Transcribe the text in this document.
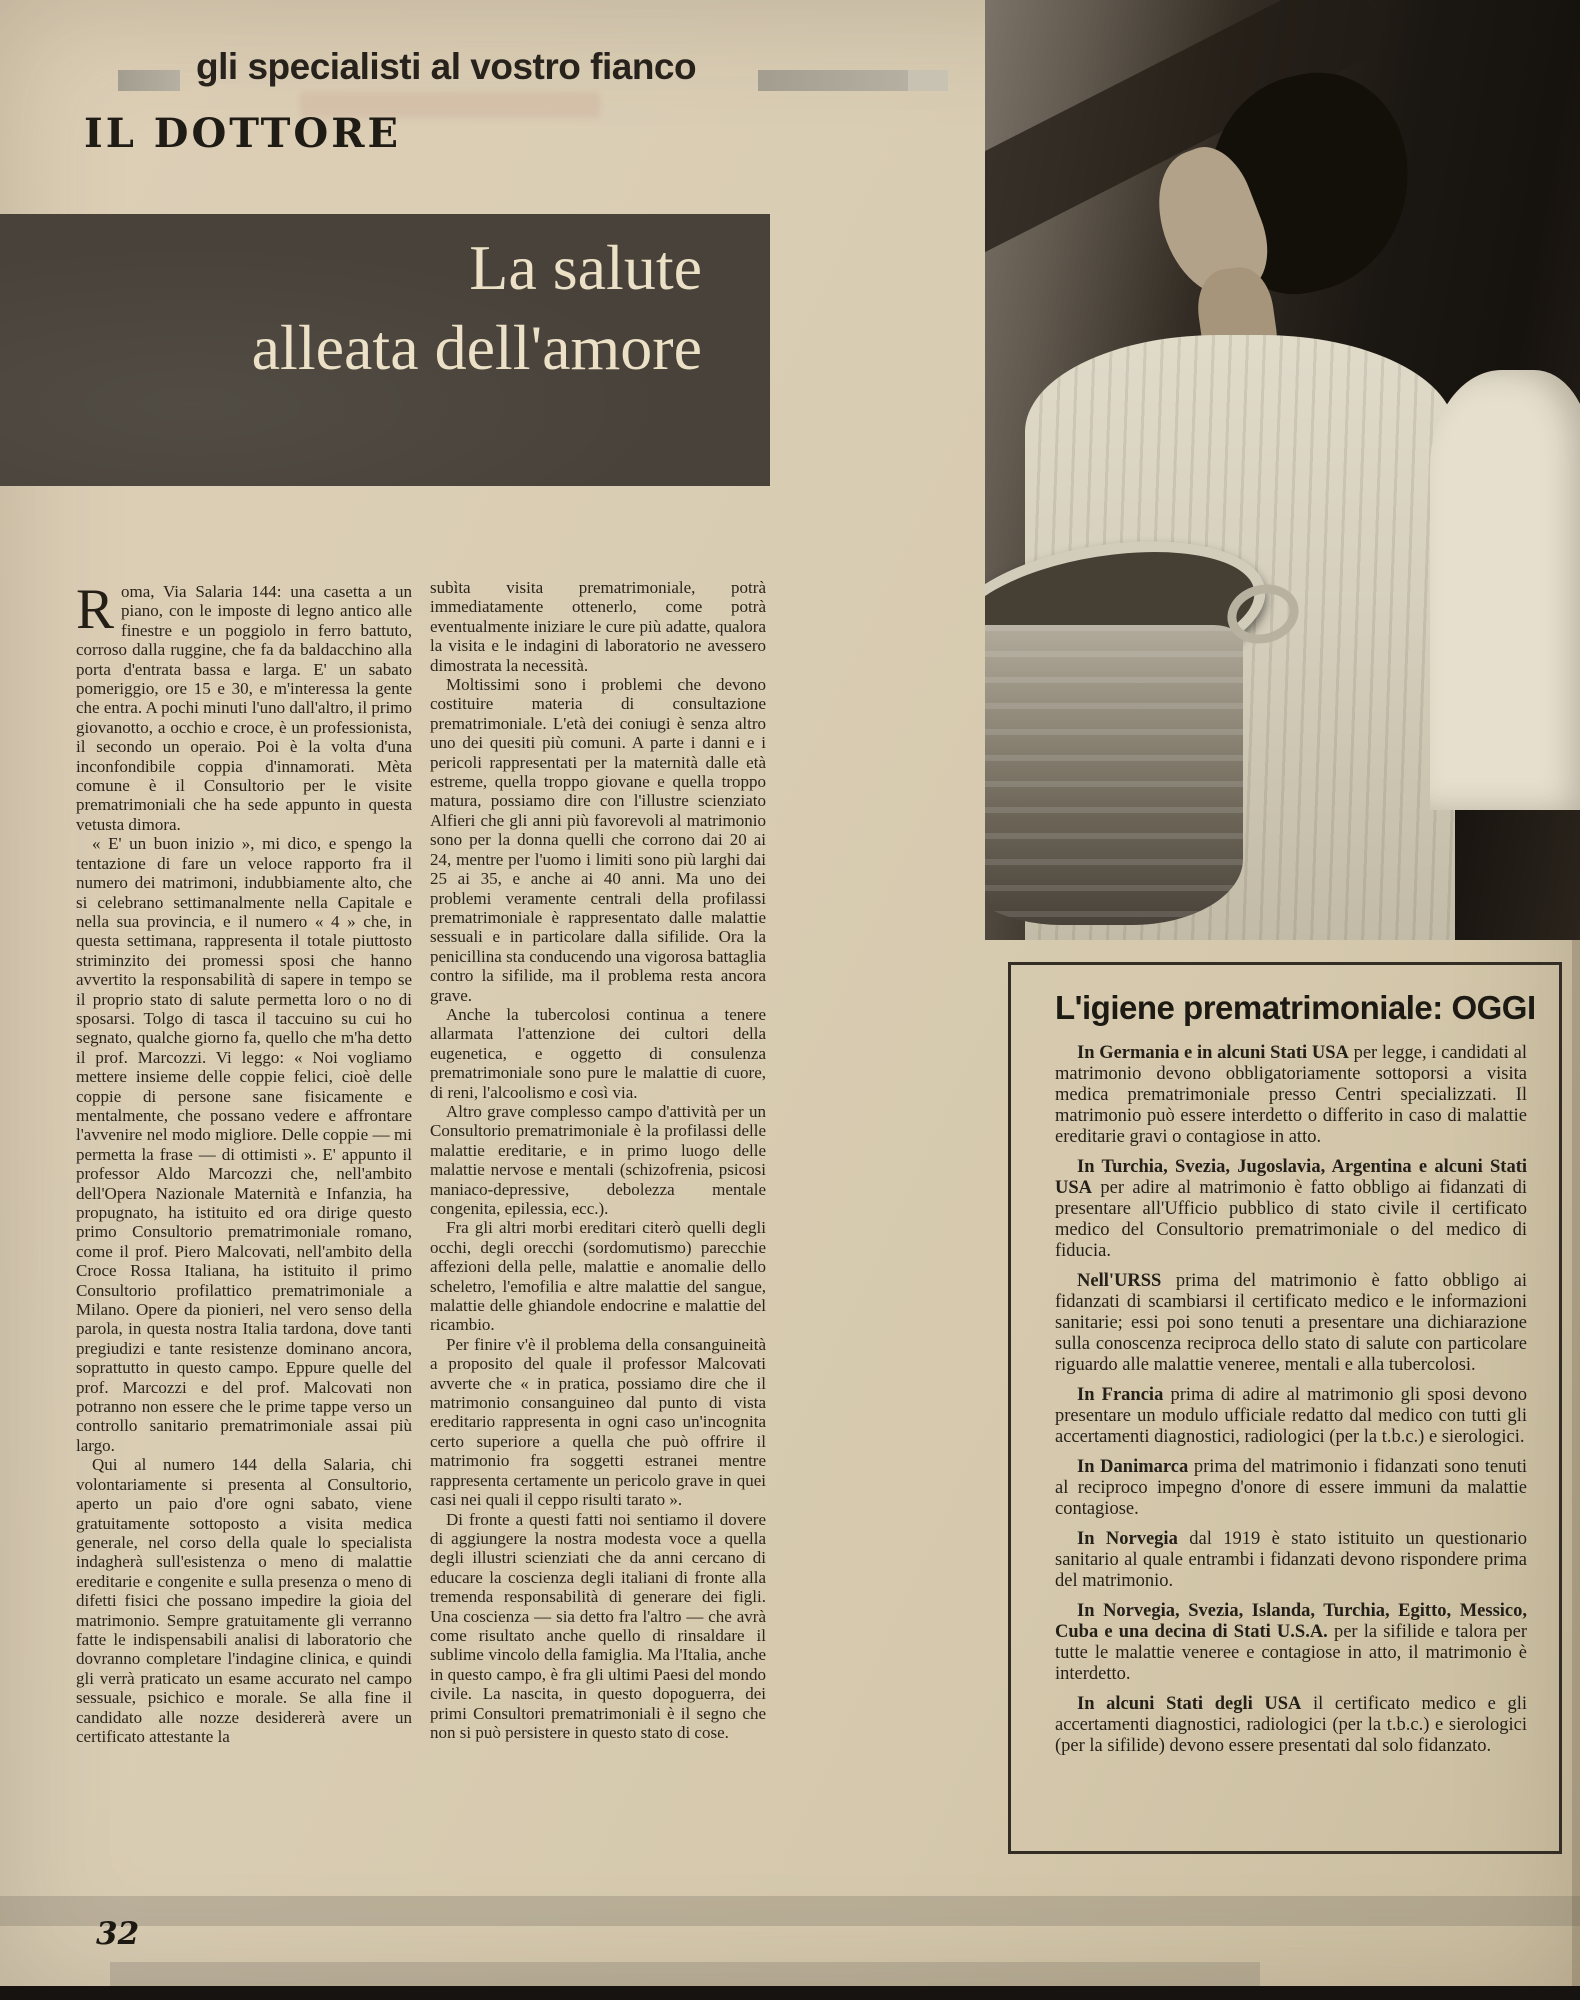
gli specialisti al vostro fianco
IL DOTTORE
La salute
alleata dell'amore

Roma, Via Salaria 144: una casetta a un piano, con le imposte di legno antico alle finestre e un poggiolo in ferro battuto, corroso dalla ruggine, che fa da baldacchino alla porta d'entrata bassa e larga. E' un sabato pomeriggio, ore 15 e 30, e m'interessa la gente che entra. A pochi minuti l'uno dall'altro, il primo giovanotto, a occhio e croce, è un professionista, il secondo un operaio. Poi è la volta d'una inconfondibile coppia d'innamorati. Mèta comune è il Consultorio per le visite prematrimoniali che ha sede appunto in questa vetusta dimora.

« E' un buon inizio », mi dico, e spengo la tentazione di fare un veloce rapporto fra il numero dei matrimoni, indubbiamente alto, che si celebrano settimanalmente nella Capitale e nella sua provincia, e il numero « 4 » che, in questa settimana, rappresenta il totale piuttosto striminzito dei promessi sposi che hanno avvertito la responsabilità di sapere in tempo se il proprio stato di salute permetta loro o no di sposarsi. Tolgo di tasca il taccuino su cui ho segnato, qualche giorno fa, quello che m'ha detto il prof. Marcozzi. Vi leggo: « Noi vogliamo mettere insieme delle coppie felici, cioè delle coppie di persone sane fisicamente e mentalmente, che possano vedere e affrontare l'avvenire nel modo migliore. Delle coppie — mi permetta la frase — di ottimisti ». E' appunto il professor Aldo Marcozzi che, nell'ambito dell'Opera Nazionale Maternità e Infanzia, ha propugnato, ha istituito ed ora dirige questo primo Consultorio prematrimoniale romano, come il prof. Piero Malcovati, nell'ambito della Croce Rossa Italiana, ha istituito il primo Consultorio profilattico prematrimoniale a Milano. Opere da pionieri, nel vero senso della parola, in questa nostra Italia tardona, dove tanti pregiudizi e tante resistenze dominano ancora, soprattutto in questo campo. Eppure quelle del prof. Marcozzi e del prof. Malcovati non potranno non essere che le prime tappe verso un controllo sanitario prematrimoniale assai più largo.

Qui al numero 144 della Salaria, chi volontariamente si presenta al Consultorio, aperto un paio d'ore ogni sabato, viene gratuitamente sottoposto a visita medica generale, nel corso della quale lo specialista indagherà sull'esistenza o meno di malattie ereditarie e congenite e sulla presenza o meno di difetti fisici che possano impedire la gioia del matrimonio. Sempre gratuitamente gli verranno fatte le indispensabili analisi di laboratorio che dovranno completare l'indagine clinica, e quindi gli verrà praticato un esame accurato nel campo sessuale, psichico e morale. Se alla fine il candidato alle nozze desidererà avere un certificato attestante la

subìta visita prematrimoniale, potrà immediatamente ottenerlo, come potrà eventualmente iniziare le cure più adatte, qualora la visita e le indagini di laboratorio ne avessero dimostrata la necessità.

Moltissimi sono i problemi che devono costituire materia di consultazione prematrimoniale. L'età dei coniugi è senza altro uno dei quesiti più comuni. A parte i danni e i pericoli rappresentati per la maternità dalle età estreme, quella troppo giovane e quella troppo matura, possiamo dire con l'illustre scienziato Alfieri che gli anni più favorevoli al matrimonio sono per la donna quelli che corrono dai 20 ai 24, mentre per l'uomo i limiti sono più larghi dai 25 ai 35, e anche ai 40 anni. Ma uno dei problemi veramente centrali della profilassi prematrimoniale è rappresentato dalle malattie sessuali e in particolare dalla sifilide. Ora la penicillina sta conducendo una vigorosa battaglia contro la sifilide, ma il problema resta ancora grave.

Anche la tubercolosi continua a tenere allarmata l'attenzione dei cultori della eugenetica, e oggetto di consulenza prematrimoniale sono pure le malattie di cuore, di reni, l'alcoolismo e così via.

Altro grave complesso campo d'attività per un Consultorio prematrimoniale è la profilassi delle malattie ereditarie, e in primo luogo delle malattie nervose e mentali (schizofrenia, psicosi maniaco-depressive, debolezza mentale congenita, epilessia, ecc.).

Fra gli altri morbi ereditari citerò quelli degli occhi, degli orecchi (sordomutismo) parecchie affezioni della pelle, malattie e anomalie dello scheletro, l'emofilia e altre malattie del sangue, malattie delle ghiandole endocrine e malattie del ricambio.

Per finire v'è il problema della consanguineità a proposito del quale il professor Malcovati avverte che « in pratica, possiamo dire che il matrimonio consanguineo dal punto di vista ereditario rappresenta in ogni caso un'incognita certo superiore a quella che può offrire il matrimonio fra soggetti estranei mentre rappresenta certamente un pericolo grave in quei casi nei quali il ceppo risulti tarato ».

Di fronte a questi fatti noi sentiamo il dovere di aggiungere la nostra modesta voce a quella degli illustri scienziati che da anni cercano di educare la coscienza degli italiani di fronte alla tremenda responsabilità di generare dei figli. Una coscienza — sia detto fra l'altro — che avrà come risultato anche quello di rinsaldare il sublime vincolo della famiglia. Ma l'Italia, anche in questo campo, è fra gli ultimi Paesi del mondo civile. La nascita, in questo dopoguerra, dei primi Consultori prematrimoniali è il segno che non si può persistere in questo stato di cose.

L'igiene prematrimoniale: OGGI

In Germania e in alcuni Stati USA per legge, i candidati al matrimonio devono obbligatoriamente sottoporsi a visita medica prematrimoniale presso Centri specializzati. Il matrimonio può essere interdetto o differito in caso di malattie ereditarie gravi o contagiose in atto.

In Turchia, Svezia, Jugoslavia, Argentina e alcuni Stati USA per adire al matrimonio è fatto obbligo ai fidanzati di presentare all'Ufficio pubblico di stato civile il certificato medico del Consultorio prematrimoniale o del medico di fiducia.

Nell'URSS prima del matrimonio è fatto obbligo ai fidanzati di scambiarsi il certificato medico e le informazioni sanitarie; essi poi sono tenuti a presentare una dichiarazione sulla conoscenza reciproca dello stato di salute con particolare riguardo alle malattie veneree, mentali e alla tubercolosi.

In Francia prima di adire al matrimonio gli sposi devono presentare un modulo ufficiale redatto dal medico con tutti gli accertamenti diagnostici, radiologici (per la t.b.c.) e sierologici.

In Danimarca prima del matrimonio i fidanzati sono tenuti al reciproco impegno d'onore di essere immuni da malattie contagiose.

In Norvegia dal 1919 è stato istituito un questionario sanitario al quale entrambi i fidanzati devono rispondere prima del matrimonio.

In Norvegia, Svezia, Islanda, Turchia, Egitto, Messico, Cuba e una decina di Stati U.S.A. per la sifilide e talora per tutte le malattie veneree e contagiose in atto, il matrimonio è interdetto.

In alcuni Stati degli USA il certificato medico e gli accertamenti diagnostici, radiologici (per la t.b.c.) e sierologici (per la sifilide) devono essere presentati dal solo fidanzato.

32
